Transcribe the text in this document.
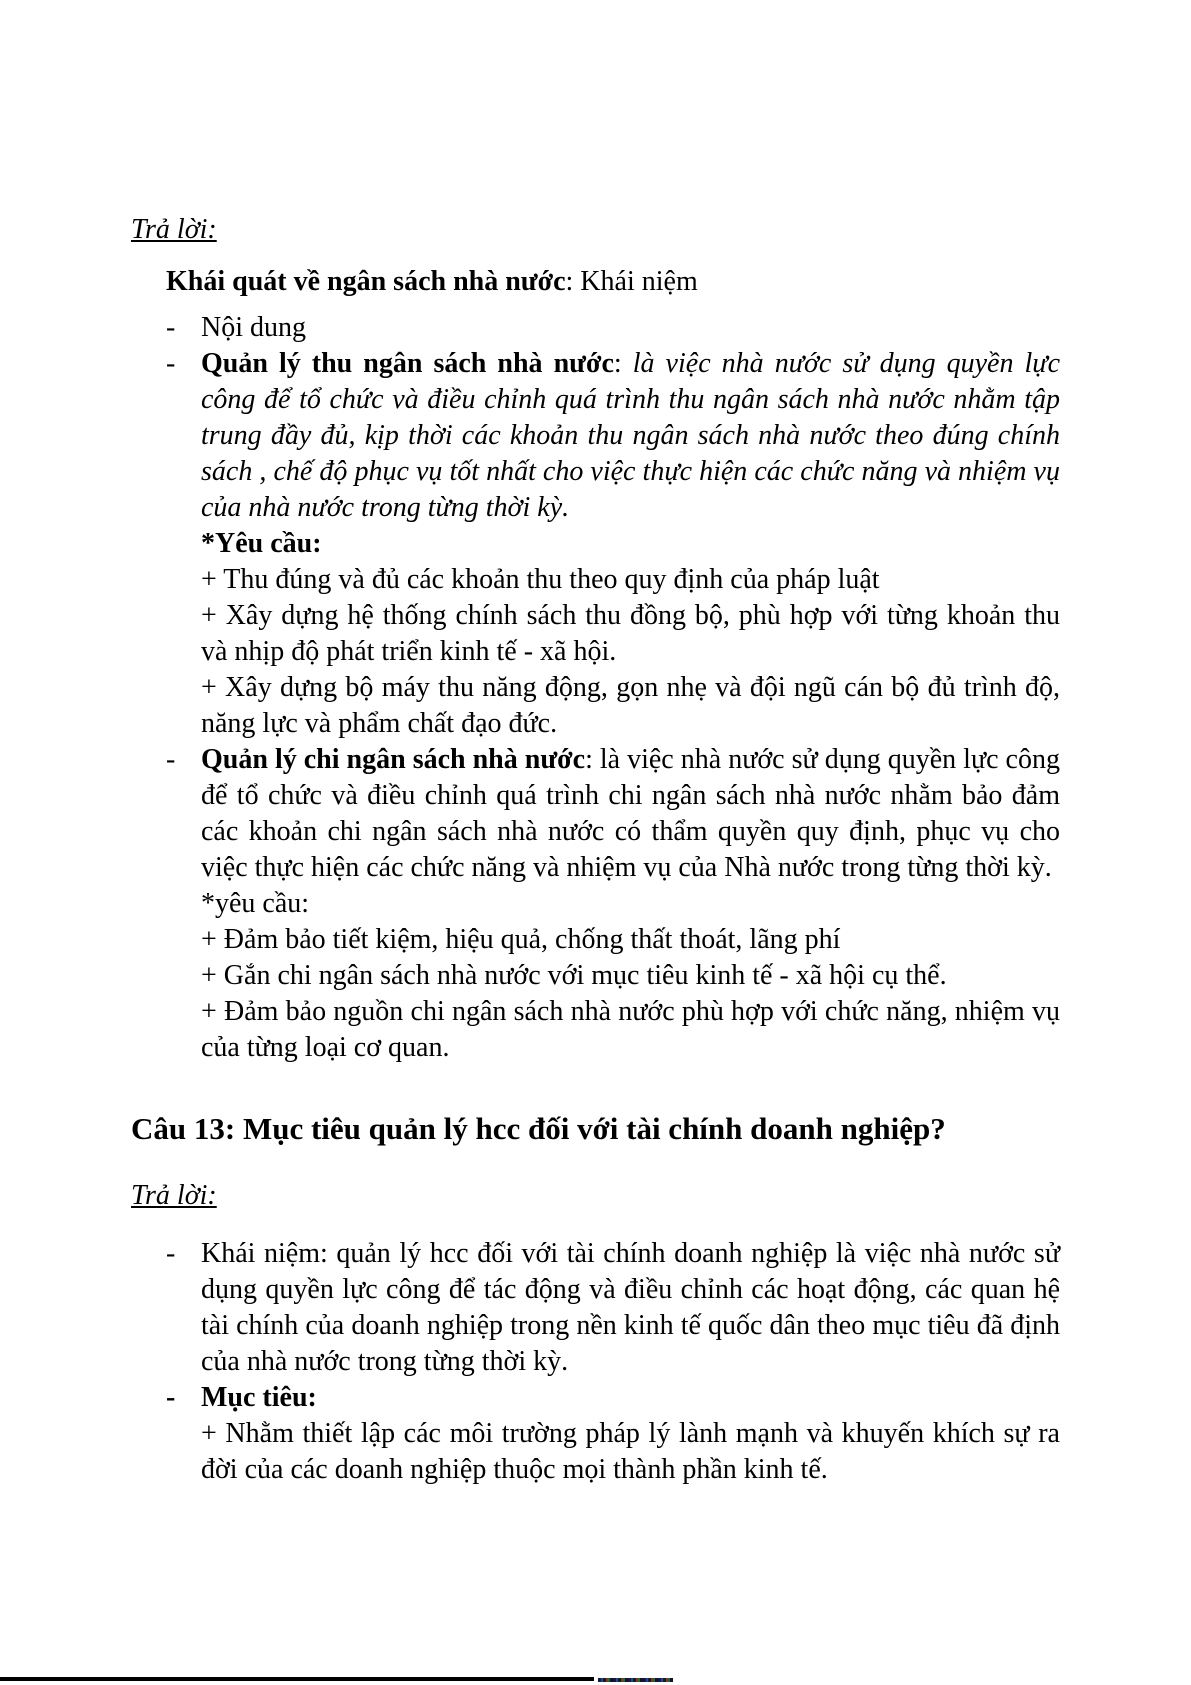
Trả lời:

Khái quát về ngân sách nhà nước: Khái niệm

- Nội dung

- Quản lý thu ngân sách nhà nước: là việc nhà nước sử dụng quyền lực công để tổ chức và điều chỉnh quá trình thu ngân sách nhà nước nhằm tập trung đầy đủ, kịp thời các khoản thu ngân sách nhà nước theo đúng chính sách , chế độ phục vụ tốt nhất cho việc thực hiện các chức năng và nhiệm vụ của nhà nước trong từng thời kỳ.

*Yêu cầu:

+ Thu đúng và đủ các khoản thu theo quy định của pháp luật

+ Xây dựng hệ thống chính sách thu đồng bộ, phù hợp với từng khoản thu và nhịp độ phát triển kinh tế - xã hội.

+ Xây dựng bộ máy thu năng động, gọn nhẹ và đội ngũ cán bộ đủ trình độ, năng lực và phẩm chất đạo đức.

- Quản lý chi ngân sách nhà nước: là việc nhà nước sử dụng quyền lực công để tổ chức và điều chỉnh quá trình chi ngân sách nhà nước nhằm bảo đảm các khoản chi ngân sách nhà nước có thẩm quyền quy định, phục vụ cho việc thực hiện các chức năng và nhiệm vụ của Nhà nước trong từng thời kỳ.

*yêu cầu:

+ Đảm bảo tiết kiệm, hiệu quả, chống thất thoát, lãng phí

+ Gắn chi ngân sách nhà nước với mục tiêu kinh tế - xã hội cụ thể.

+ Đảm bảo nguồn chi ngân sách nhà nước phù hợp với chức năng, nhiệm vụ của từng loại cơ quan.

Câu 13: Mục tiêu quản lý hcc đối với tài chính doanh nghiệp?

Trả lời:

- Khái niệm: quản lý hcc đối với tài chính doanh nghiệp là việc nhà nước sử dụng quyền lực công để tác động và điều chỉnh các hoạt động, các quan hệ tài chính của doanh nghiệp trong nền kinh tế quốc dân theo mục tiêu đã định của nhà nước trong từng thời kỳ.

- Mục tiêu:

+ Nhằm thiết lập các môi trường pháp lý lành mạnh và khuyến khích sự ra đời của các doanh nghiệp thuộc mọi thành phần kinh tế.
